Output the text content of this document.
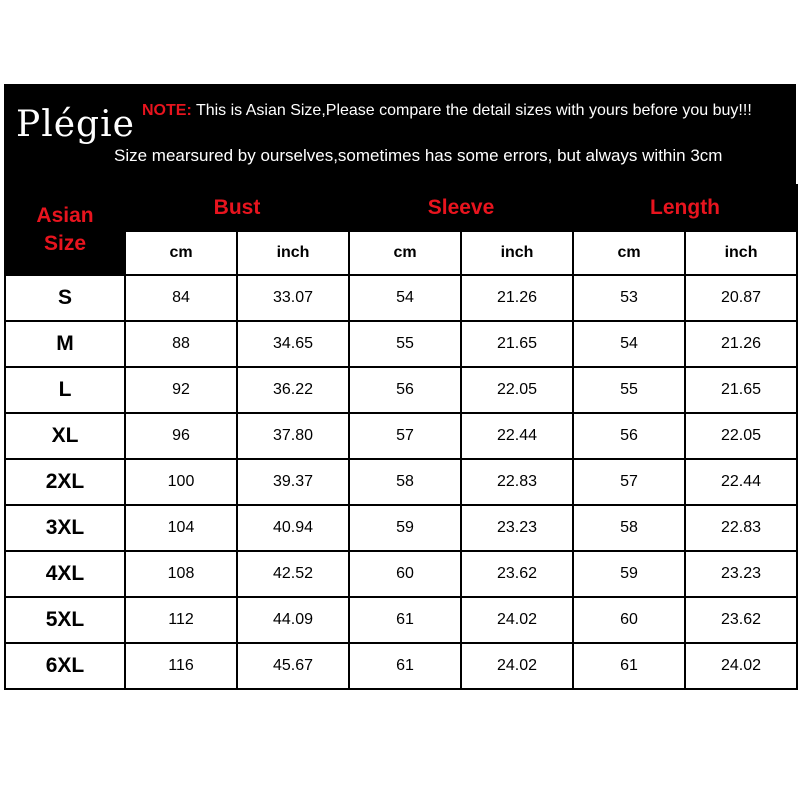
Plégie NOTE: This is Asian Size,Please compare the detail sizes with yours before you buy!!!
Size mearsured by ourselves,sometimes has some errors, but always within 3cm
Asian
Size	Bust		Sleeve		Length	
	cm	inch	cm	inch	cm	inch
S	84	33.07	54	21.26	53	20.87
M	88	34.65	55	21.65	54	21.26
L	92	36.22	56	22.05	55	21.65
XL	96	37.80	57	22.44	56	22.05
2XL	100	39.37	58	22.83	57	22.44
3XL	104	40.94	59	23.23	58	22.83
4XL	108	42.52	60	23.62	59	23.23
5XL	112	44.09	61	24.02	60	23.62
6XL	116	45.67	61	24.02	61	24.02
